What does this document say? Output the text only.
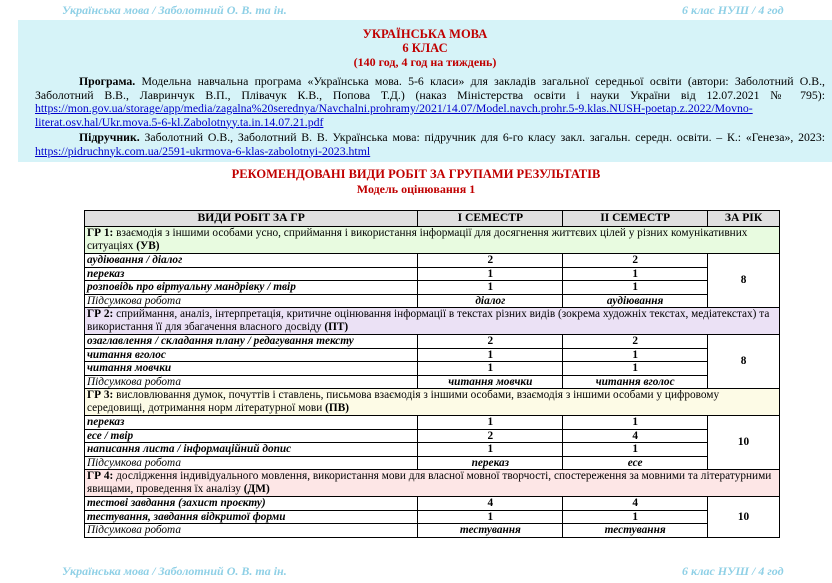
Українська мова / Заболотний О. В. та ін.	6 клас НУШ / 4 год
УКРАЇНСЬКА МОВА
6 КЛАС
(140 год, 4 год на тиждень)
Програма. Модельна навчальна програма «Українська мова. 5-6 класи» для закладів загальної середньої освіти (автори: Заболотний О.В., Заболотний В.В., Лавринчук В.П., Плівачук К.В., Попова Т.Д.) (наказ Міністерства освіти і науки України від 12.07.2021 № 795): https://mon.gov.ua/storage/app/media/zagalna%20serednya/Navchalni.prohramy/2021/14.07/Model.navch.prohr.5-9.klas.NUSH-poetap.z.2022/Movno-literat.osv.hal/Ukr.mova.5-6-kl.Zabolotnyy.ta.in.14.07.21.pdf
Підручник. Заболотний О.В., Заболотний В. В. Українська мова: підручник для 6-го класу закл. загальн. середн. освіти. – К.: «Генеза», 2023: https://pidruchnyk.com.ua/2591-ukrmova-6-klas-zabolotnyi-2023.html
РЕКОМЕНДОВАНІ ВИДИ РОБІТ ЗА ГРУПАМИ РЕЗУЛЬТАТІВ
Модель оцінювання 1
ВИДИ РОБІТ ЗА ГР	І СЕМЕСТР	ІІ СЕМЕСТР	ЗА РІК
ГР 1: взаємодія з іншими особами усно, сприймання і використання інформації для досягнення життєвих цілей у різних комунікативних ситуаціях (УВ)			
аудіювання / діалог	2	2	8
переказ	1	1	
розповідь про віртуальну мандрівку / твір	1	1	
Підсумкова робота	діалог	аудіювання	
ГР 2: сприймання, аналіз, інтерпретація, критичне оцінювання інформації в текстах різних видів (зокрема художніх текстах, медіатекстах) та використання її для збагачення власного досвіду (ПТ)			
озаглавлення / складання плану / редагування тексту	2	2	8
читання вголос	1	1	
читання мовчки	1	1	
Підсумкова робота	читання мовчки	читання вголос	
ГР 3: висловлювання думок, почуттів і ставлень, письмова взаємодія з іншими особами, взаємодія з іншими особами у цифровому середовищі, дотримання норм літературної мови (ПВ)			
переказ	1	1	10
есе / твір	2	4	
написання листа / інформаційний допис	1	1	
Підсумкова робота	переказ	есе	
ГР 4: дослідження індивідуального мовлення, використання мови для власної мовної творчості, спостереження за мовними та літературними явищами, проведення їх аналізу (ДМ)			
тестові завдання (захист проєкту)	4	4	10
тестування, завдання відкритої форми	1	1	
Підсумкова робота	тестування	тестування	
Українська мова / Заболотний О. В. та ін.	6 клас НУШ / 4 год
